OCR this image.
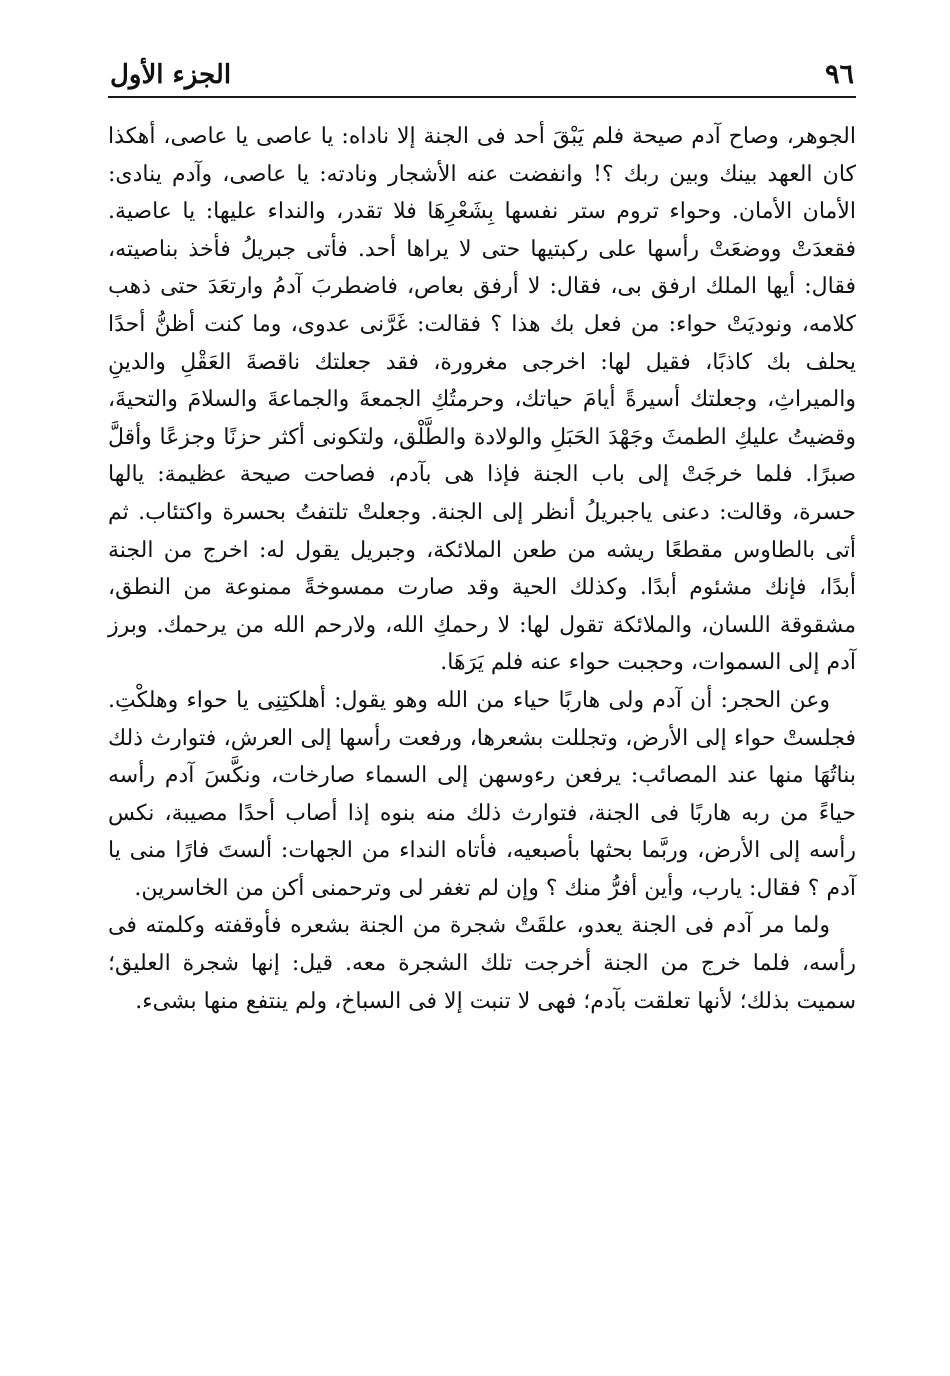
٩٦
الجزء الأول

الجوهر، وصاح آدم صيحة فلم يَبْقَ أحد فى الجنة إلا ناداه: يا عاصى يا عاصى، أهكذا كان العهد بينك وبين ربك ؟! وانفضت عنه الأشجار ونادته: يا عاصى، وآدم ينادى: الأمان الأمان. وحواء تروم ستر نفسها بِشَعْرِهَا فلا تقدر، والنداء عليها: يا عاصية. فقعدَتْ ووضعَتْ رأسها على ركبتيها حتى لا يراها أحد. فأتى جبريلُ فأخذ بناصيته، فقال: أيها الملك ارفق بى، فقال: لا أرفق بعاص، فاضطربَ آدمُ وارتعَدَ حتى ذهب كلامه، ونوديَتْ حواء: من فعل بك هذا ؟ فقالت: غَرَّنى عدوى، وما كنت أظنُّ أحدًا يحلف بك كاذبًا، فقيل لها: اخرجى مغرورة، فقد جعلتك ناقصةَ العَقْلِ والدينِ والميراثِ، وجعلتك أسيرةً أيامَ حياتك، وحرمتُكِ الجمعةَ والجماعةَ والسلامَ والتحيةَ، وقضيتُ عليكِ الطمثَ وجَهْدَ الحَبَلِ والولادة والطَّلْق، ولتكونى أكثر حزنًا وجزعًا وأقلَّ صبرًا. فلما خرجَتْ إلى باب الجنة فإذا هى بآدم، فصاحت صيحة عظيمة: يالها حسرة، وقالت: دعنى ياجبريلُ أنظر إلى الجنة. وجعلتْ تلتفتُ بحسرة واكتئاب. ثم أتى بالطاوس مقطعًا ريشه من طعن الملائكة، وجبريل يقول له: اخرج من الجنة أبدًا، فإنك مشئوم أبدًا. وكذلك الحية وقد صارت ممسوخةً ممنوعة من النطق، مشقوقة اللسان، والملائكة تقول لها: لا رحمكِ الله، ولارحم الله من يرحمك. وبرز آدم إلى السموات، وحجبت حواء عنه فلم يَرَهَا.

وعن الحجر: أن آدم ولى هاربًا حياء من الله وهو يقول: أهلكتِنِى يا حواء وهلكْتِ. فجلستْ حواء إلى الأرض، وتجللت بشعرها، ورفعت رأسها إلى العرش، فتوارث ذلك بناتُهَا منها عند المصائب: يرفعن رءوسهن إلى السماء صارخات، ونكَّسَ آدم رأسه حياءً من ربه هاربًا فى الجنة، فتوارث ذلك منه بنوه إذا أصاب أحدًا مصيبة، نكس رأسه إلى الأرض، وربَّما بحثها بأصبعيه، فأتاه النداء من الجهات: ألستَ فارًا منى يا آدم ؟ فقال: يارب، وأين أفرُّ منك ؟ وإن لم تغفر لى وترحمنى أكن من الخاسرين.

ولما مر آدم فى الجنة يعدو، علقَتْ شجرة من الجنة بشعره فأوقفته وكلمته فى رأسه، فلما خرج من الجنة أخرجت تلك الشجرة معه. قيل: إنها شجرة العليق؛ سميت بذلك؛ لأنها تعلقت بآدم؛ فهى لا تنبت إلا فى السباخ، ولم ينتفع منها بشىء.
